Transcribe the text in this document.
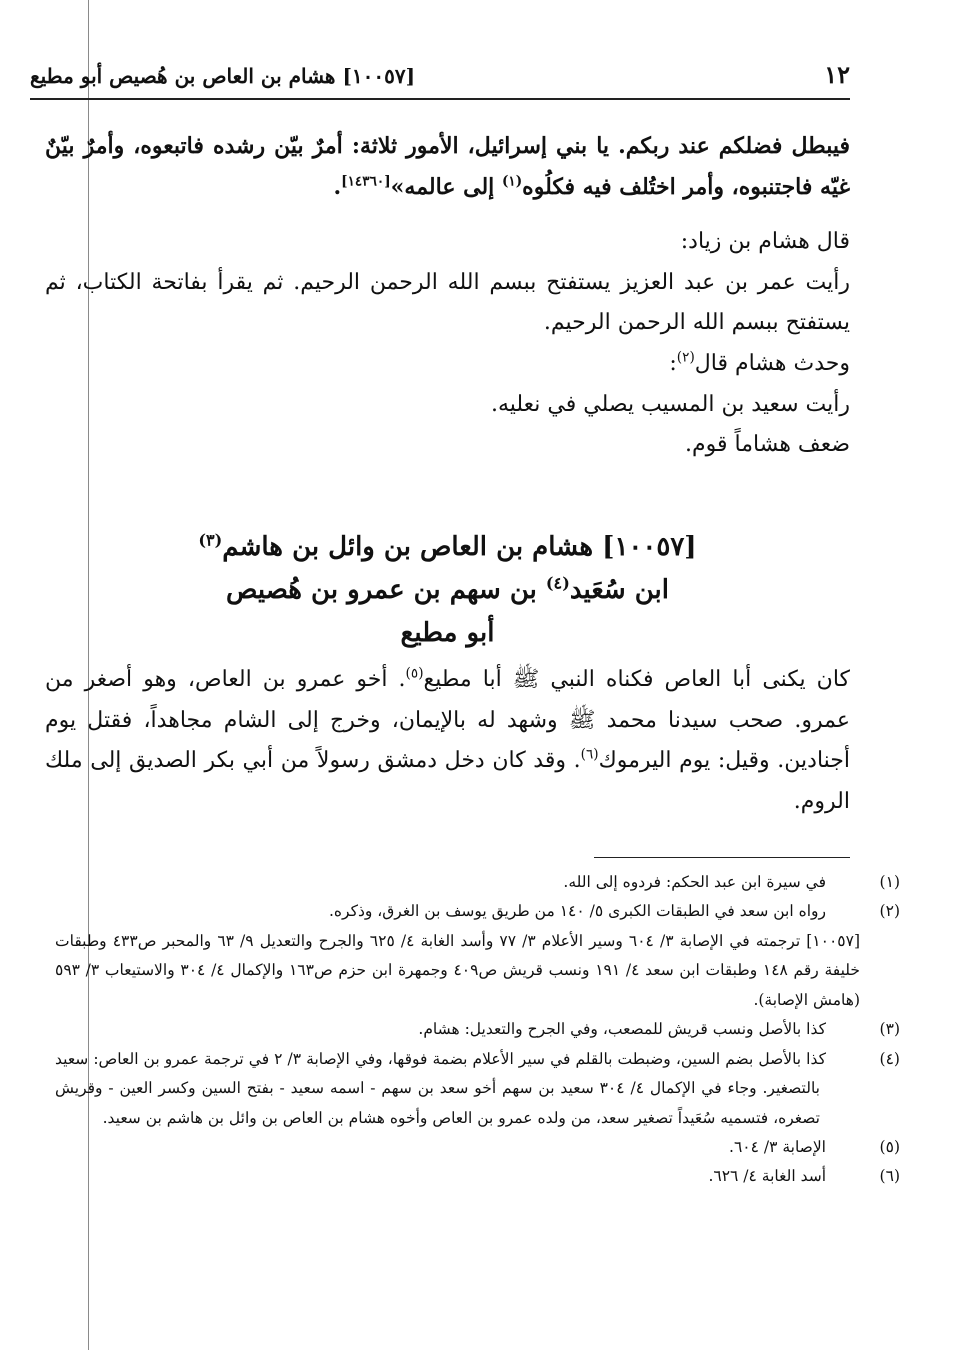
١٢
[١٠٠٥٧] هشام بن العاص بن هُصيص أبو مطيع
فيبطل فضلكم عند ربكم. يا بني إسرائيل، الأمور ثلاثة: أمرٌ بيّن رشده فاتبعوه، وأمرٌ بيّنٌ غيّه فاجتنبوه، وأمر اختُلف فيه فكلُوه$^{(١)}$ إلى عالمه»[١٤٣٦٠].
قال هشام بن زياد:
رأيت عمر بن عبد العزيز يستفتح ببسم الله الرحمن الرحيم. ثم يقرأ بفاتحة الكتاب، ثم يستفتح ببسم الله الرحمن الرحيم.
وحدث هشام قال$^{(٢)}$:
رأيت سعيد بن المسيب يصلي في نعليه.
ضعف هشاماً قوم.
[١٠٠٥٧] هشام بن العاص بن وائل بن هاشم$^{(٣)}$
ابن سُعَيد$^{(٤)}$ بن سهم بن عمرو بن هُصيص
أبو مطيع
كان يكنى أبا العاص فكناه النبي ﷺ أبا مطيع$^{(٥)}$. أخو عمرو بن العاص، وهو أصغر من عمرو. صحب سيدنا محمد ﷺ وشهد له بالإيمان، وخرج إلى الشام مجاهداً، فقتل يوم أجنادين. وقيل: يوم اليرموك$^{(٦)}$. وقد كان دخل دمشق رسولاً من أبي بكر الصديق إلى ملك الروم.
(١)في سيرة ابن عبد الحكم: فردوه إلى الله.
(٢)رواه ابن سعد في الطبقات الكبرى ٥/ ١٤٠ من طريق يوسف بن الغرق، وذكره.
[١٠٠٥٧] ترجمته في الإصابة ٣/ ٦٠٤ وسير الأعلام ٣/ ٧٧ وأسد الغابة ٤/ ٦٢٥ والجرح والتعديل ٩/ ٦٣ والمحبر ص٤٣٣ وطبقات خليفة رقم ١٤٨ وطبقات ابن سعد ٤/ ١٩١ ونسب قريش ص٤٠٩ وجمهرة ابن حزم ص١٦٣ والإكمال ٤/ ٣٠٤ والاستيعاب ٣/ ٥٩٣ (هامش الإصابة).
(٣)كذا بالأصل ونسب قريش للمصعب، وفي الجرح والتعديل: هشام.
(٤)كذا بالأصل بضم السين، وضبطت بالقلم في سير الأعلام بضمة فوقها، وفي الإصابة ٣/ ٢ في ترجمة عمرو بن العاص: سعيد بالتصغير. وجاء في الإكمال ٤/ ٣٠٤ سعيد بن سهم أخو سعد بن سهم - اسمه سعيد - بفتح السين وكسر العين - وقريش تصغره، فتسميه سُعَيداً تصغير سعد، من ولده عمرو بن العاص وأخوه هشام بن العاص بن وائل بن هاشم بن سعيد.
(٥)الإصابة ٣/ ٦٠٤.
(٦)أسد الغابة ٤/ ٦٢٦.
